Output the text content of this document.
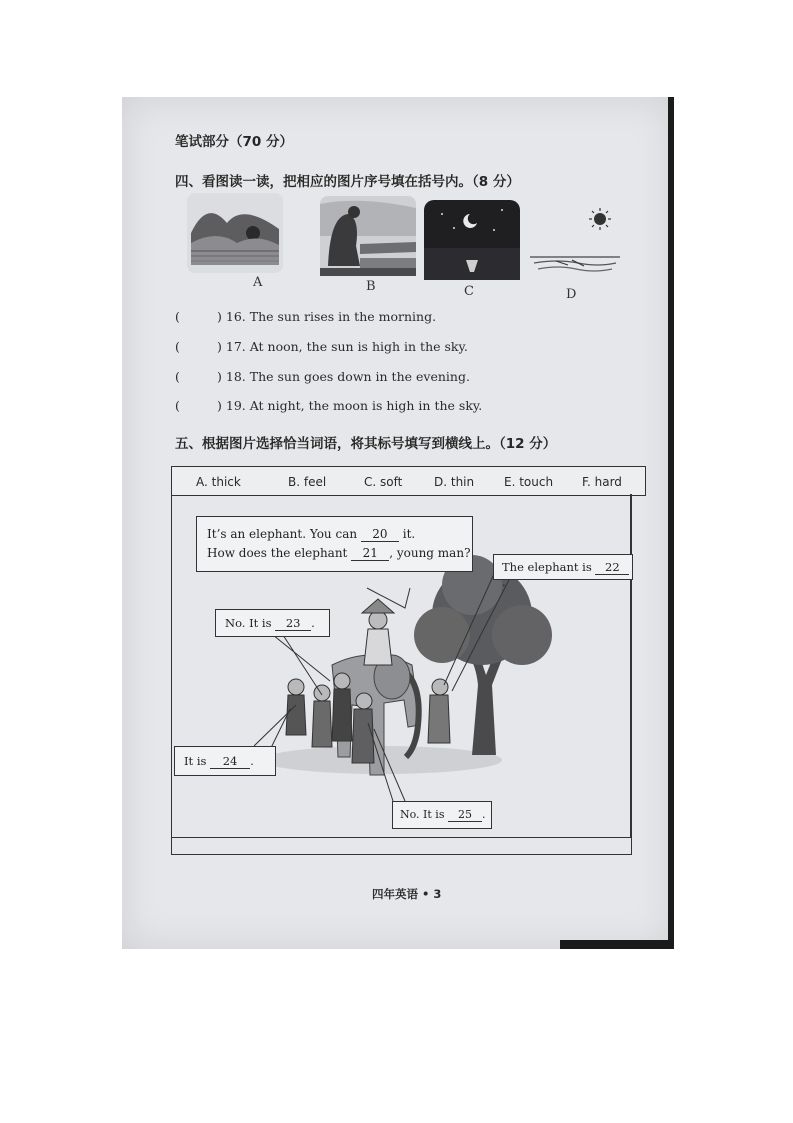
笔试部分（70 分）
四、看图读一读，把相应的图片序号填在括号内。（8 分）
A	B	C	D
(	) 16. The sun rises in the morning.
(	) 17. At noon, the sun is high in the sky.
(	) 18. The sun goes down in the evening.
(	) 19. At night, the moon is high in the sky.
五、根据图片选择恰当词语，将其标号填写到横线上。（12 分）
A. thick	B. feel	C. soft	D. thin E. touch F. hard
It’s an elephant. You can 20 it.
How does the elephant 21 , young man?
The elephant is 22.
No. It is 23 .
It is 24 .
No. It is 25 .
四年英语 • 3
